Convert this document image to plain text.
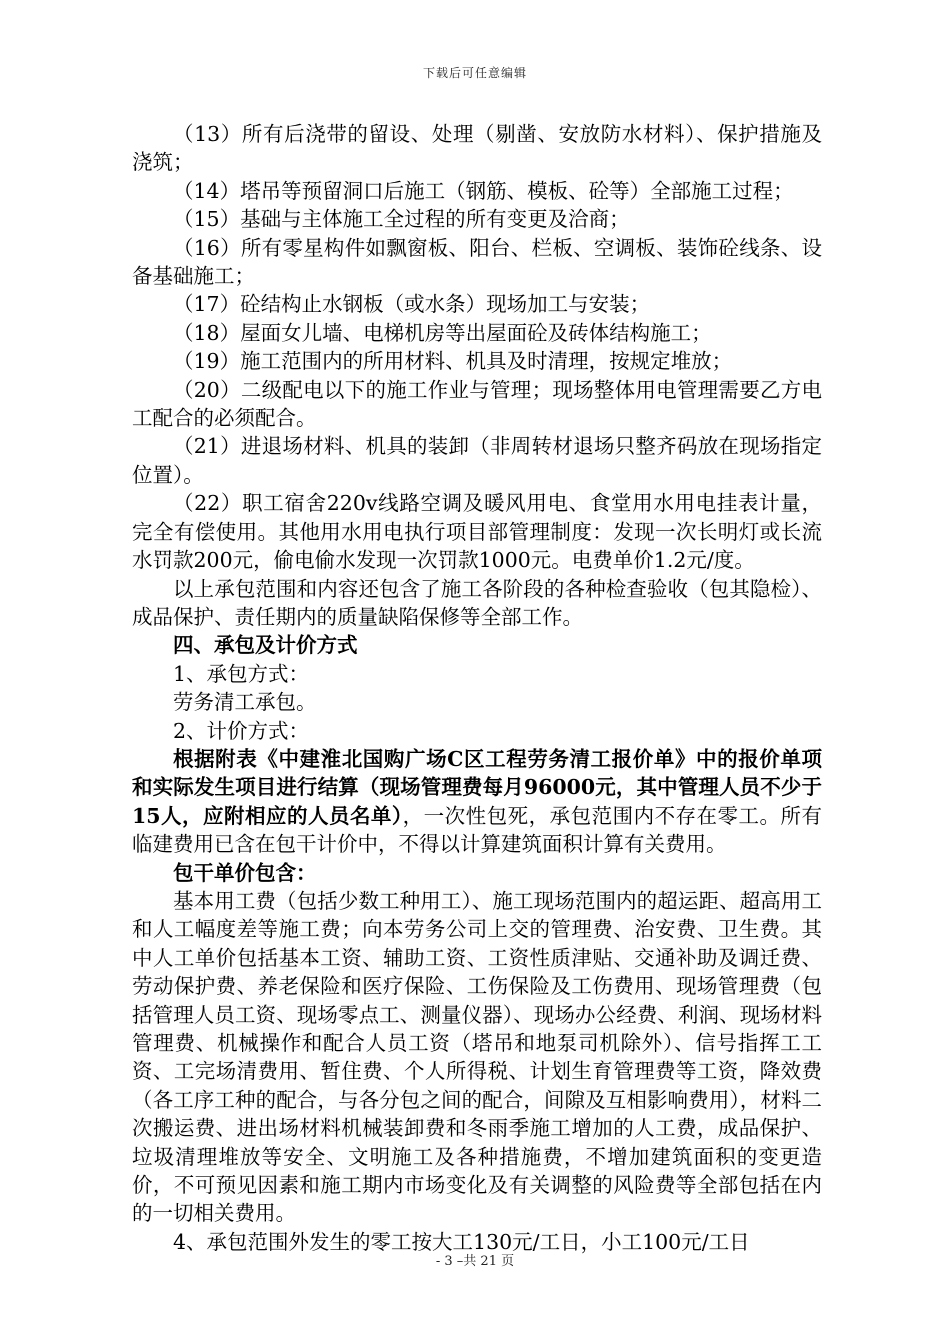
下载后可任意编辑

（13）所有后浇带的留设、处理（剔凿、安放防水材料）、保护措施及浇筑；

（14）塔吊等预留洞口后施工（钢筋、模板、砼等）全部施工过程；

（15）基础与主体施工全过程的所有变更及洽商；

（16）所有零星构件如飘窗板、阳台、栏板、空调板、装饰砼线条、设备基础施工；

（17）砼结构止水钢板（或水条）现场加工与安装；

（18）屋面女儿墙、电梯机房等出屋面砼及砖体结构施工；

（19）施工范围内的所用材料、机具及时清理，按规定堆放；

（20）二级配电以下的施工作业与管理；现场整体用电管理需要乙方电工配合的必须配合。

（21）进退场材料、机具的装卸（非周转材退场只整齐码放在现场指定位置）。

（22）职工宿舍220v线路空调及暖风用电、食堂用水用电挂表计量，完全有偿使用。其他用水用电执行项目部管理制度：发现一次长明灯或长流水罚款200元，偷电偷水发现一次罚款1000元。电费单价1.2元/度。

以上承包范围和内容还包含了施工各阶段的各种检查验收（包其隐检）、成品保护、责任期内的质量缺陷保修等全部工作。

四、承包及计价方式

1、承包方式：

劳务清工承包。

2、计价方式：

根据附表《中建淮北国购广场C区工程劳务清工报价单》中的报价单项和实际发生项目进行结算（现场管理费每月96000元，其中管理人员不少于15人，应附相应的人员名单），一次性包死，承包范围内不存在零工。所有临建费用已含在包干计价中，不得以计算建筑面积计算有关费用。

包干单价包含：

基本用工费（包括少数工种用工）、施工现场范围内的超运距、超高用工和人工幅度差等施工费；向本劳务公司上交的管理费、治安费、卫生费。其中人工单价包括基本工资、辅助工资、工资性质津贴、交通补助及调迁费、劳动保护费、养老保险和医疗保险、工伤保险及工伤费用、现场管理费（包括管理人员工资、现场零点工、测量仪器）、现场办公经费、利润、现场材料管理费、机械操作和配合人员工资（塔吊和地泵司机除外）、信号指挥工工资、工完场清费用、暂住费、个人所得税、计划生育管理费等工资，降效费（各工序工种的配合，与各分包之间的配合，间隙及互相影响费用），材料二次搬运费、进出场材料机械装卸费和冬雨季施工增加的人工费，成品保护、垃圾清理堆放等安全、文明施工及各种措施费，不增加建筑面积的变更造价，不可预见因素和施工期内市场变化及有关调整的风险费等全部包括在内的一切相关费用。

4、承包范围外发生的零工按大工130元/工日，小工100元/工日

- 3 –共 21 页
